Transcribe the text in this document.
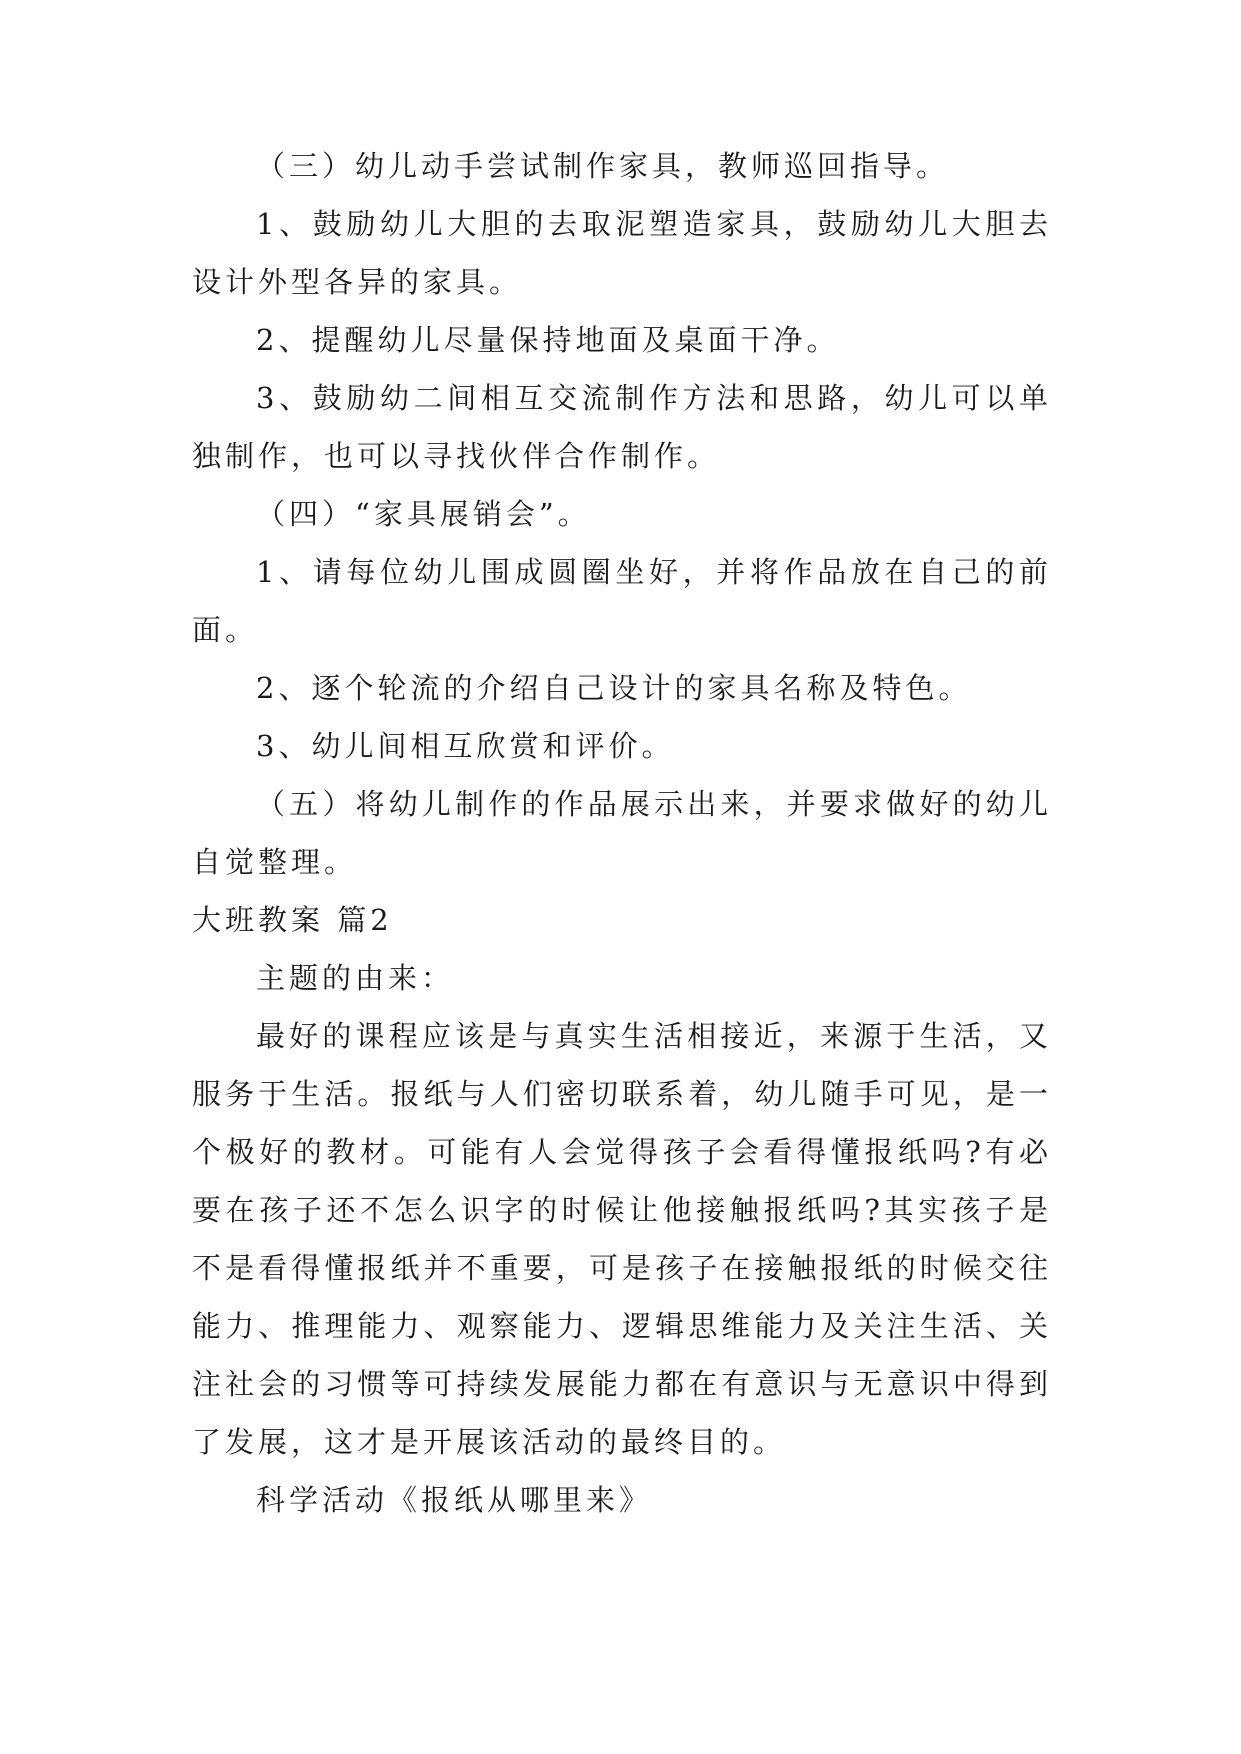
（三）幼儿动手尝试制作家具，教师巡回指导。

1、鼓励幼儿大胆的去取泥塑造家具，鼓励幼儿大胆去设计外型各异的家具。

2、提醒幼儿尽量保持地面及桌面干净。

3、鼓励幼二间相互交流制作方法和思路，幼儿可以单独制作，也可以寻找伙伴合作制作。

（四）“家具展销会”。

1、请每位幼儿围成圆圈坐好，并将作品放在自己的前面。

2、逐个轮流的介绍自己设计的家具名称及特色。

3、幼儿间相互欣赏和评价。

（五）将幼儿制作的作品展示出来，并要求做好的幼儿自觉整理。

大班教案 篇2

主题的由来：

最好的课程应该是与真实生活相接近，来源于生活，又服务于生活。报纸与人们密切联系着，幼儿随手可见，是一个极好的教材。可能有人会觉得孩子会看得懂报纸吗?有必要在孩子还不怎么识字的时候让他接触报纸吗?其实孩子是不是看得懂报纸并不重要，可是孩子在接触报纸的时候交往能力、推理能力、观察能力、逻辑思维能力及关注生活、关注社会的习惯等可持续发展能力都在有意识与无意识中得到了发展，这才是开展该活动的最终目的。

科学活动《报纸从哪里来》
